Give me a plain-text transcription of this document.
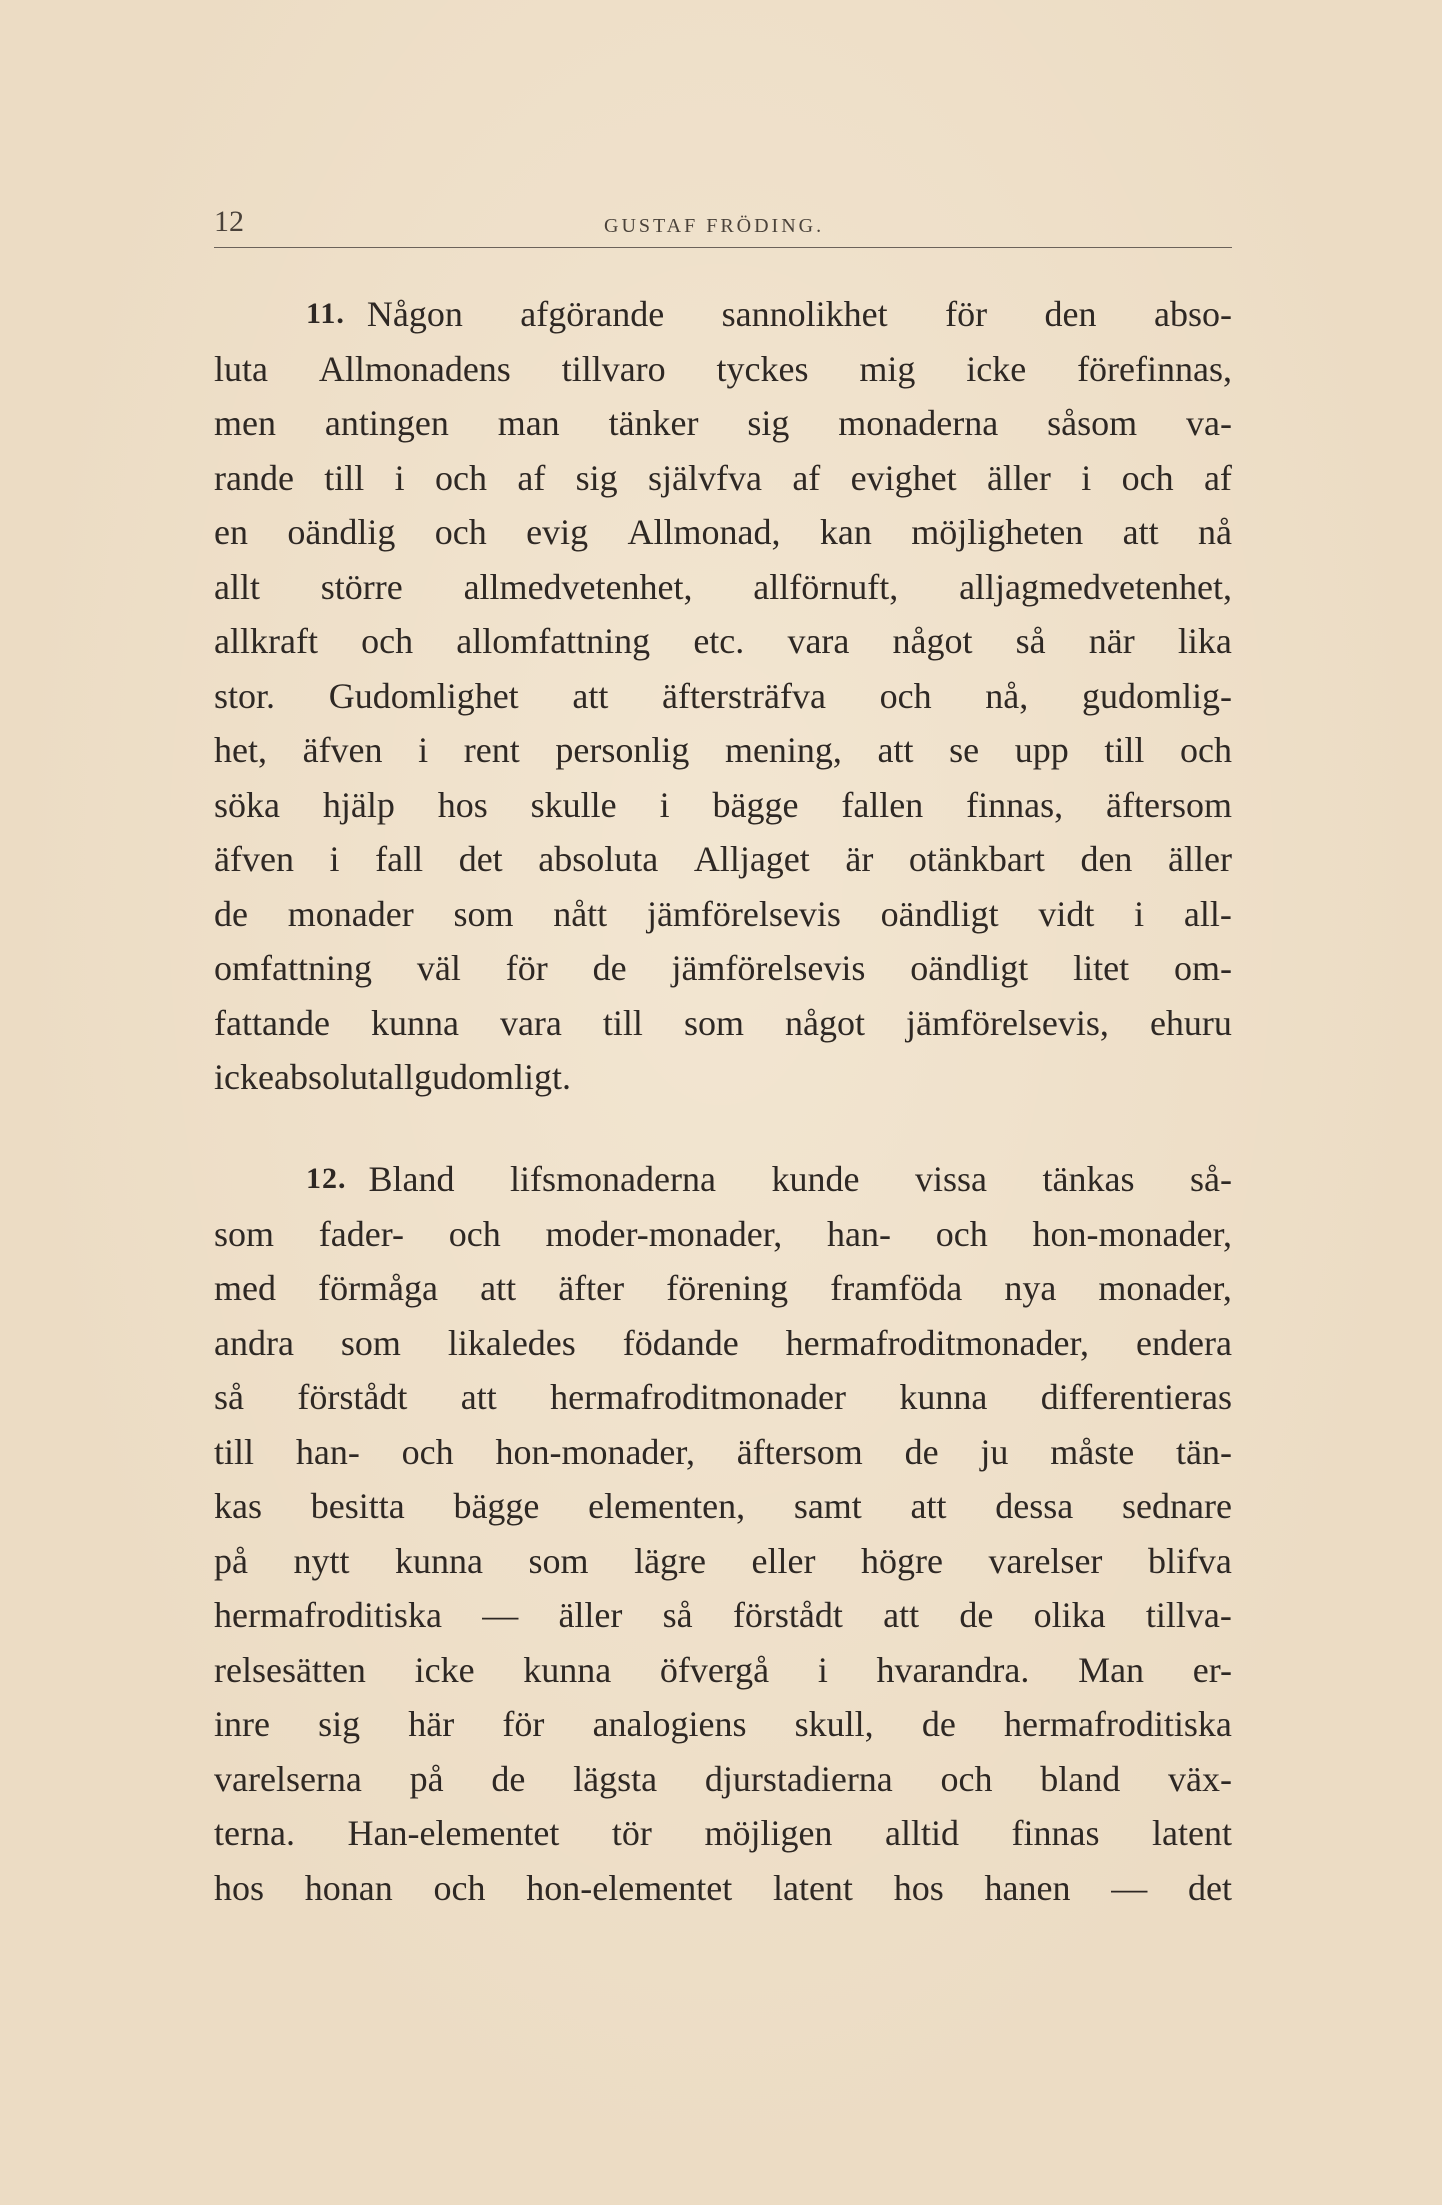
12	GUSTAF FRÖDING.
11. Någon afgörande sannolikhet för den abso-
luta Allmonadens tillvaro tyckes mig icke förefinnas,
men antingen man tänker sig monaderna såsom va-
rande till i och af sig självfva af evighet äller i och af
en oändlig och evig Allmonad, kan möjligheten att nå
allt större allmedvetenhet, allförnuft, alljagmedvetenhet,
allkraft och allomfattning etc. vara något så när lika
stor. Gudomlighet att äftersträfva och nå, gudomlig-
het, äfven i rent personlig mening, att se upp till och
söka hjälp hos skulle i bägge fallen finnas, äftersom
äfven i fall det absoluta Alljaget är otänkbart den äller
de monader som nått jämförelsevis oändligt vidt i all-
omfattning väl för de jämförelsevis oändligt litet om-
fattande kunna vara till som något jämförelsevis, ehuru
icke absolut allgudomligt.
12. Bland lifsmonaderna kunde vissa tänkas så-
som fader- och moder-monader, han- och hon-monader,
med förmåga att äfter förening framföda nya monader,
andra som likaledes födande hermafroditmonader, endera
så förstådt att hermafroditmonader kunna differentieras
till han- och hon-monader, äftersom de ju måste tän-
kas besitta bägge elementen, samt att dessa sednare
på nytt kunna som lägre eller högre varelser blifva
hermafroditiska — äller så förstådt att de olika tillva-
relsesätten icke kunna öfvergå i hvarandra. Man er-
inre sig här för analogiens skull, de hermafroditiska
varelserna på de lägsta djurstadierna och bland väx-
terna. Han-elementet tör möjligen alltid finnas latent
hos honan och hon-elementet latent hos hanen — det
